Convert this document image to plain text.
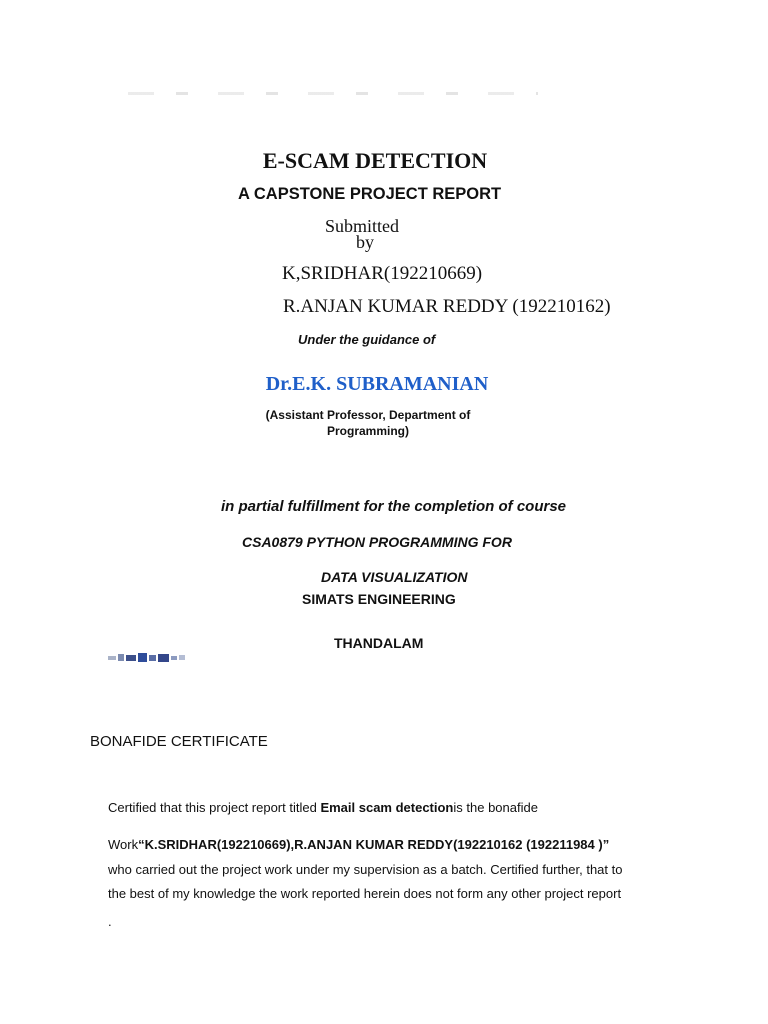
E-SCAM DETECTION
A CAPSTONE PROJECT REPORT
Submitted
by
K,SRIDHAR(192210669)
R.ANJAN KUMAR REDDY (192210162)
Under the guidance of
Dr.E.K. SUBRAMANIAN
(Assistant Professor, Department of Programming)
in partial fulfillment for the completion of course
CSA0879 PYTHON PROGRAMMING FOR
DATA VISUALIZATION
SIMATS ENGINEERING
THANDALAM
BONAFIDE CERTIFICATE
Certified that this project report titled Email scam detectionis the bonafide
Work“K.SRIDHAR(192210669),R.ANJAN KUMAR REDDY(192210162 (192211984 )”
who carried out the project work under my supervision as a batch. Certified further, that to
the best of my knowledge the work reported herein does not form any other project report
.
